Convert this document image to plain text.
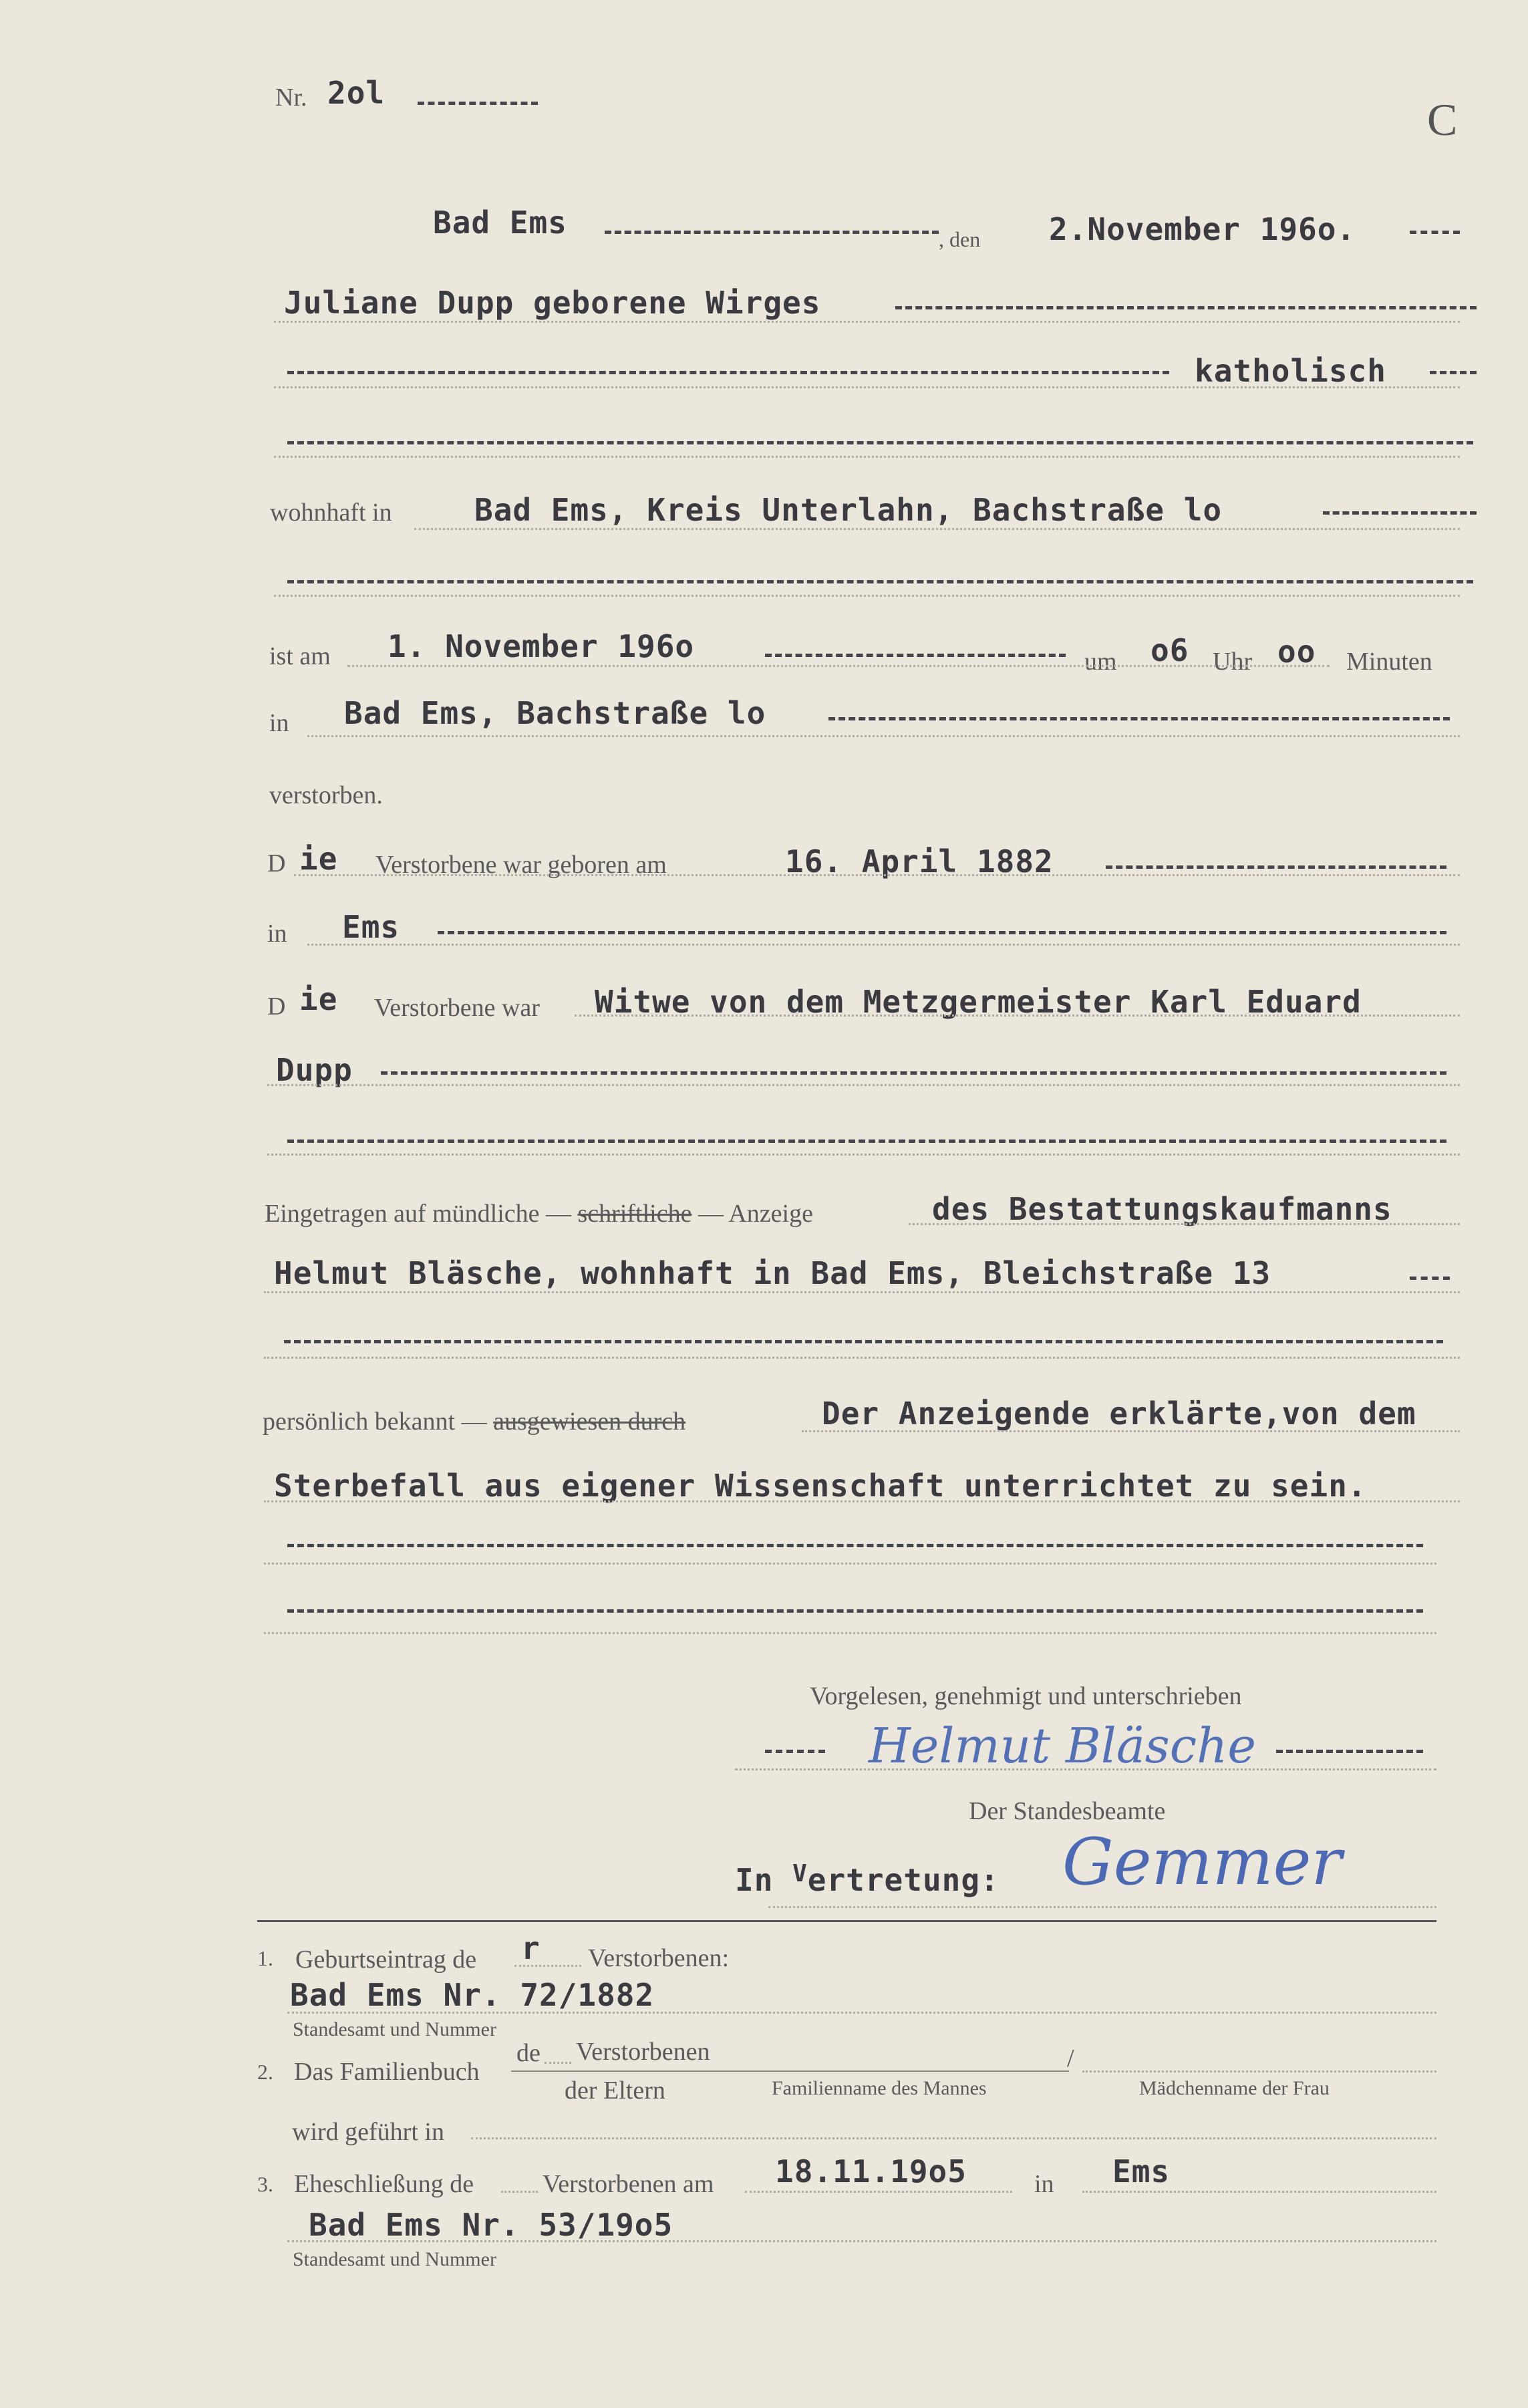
C
Nr. 2ol
Bad Ems	, den 2.November 196o.
Juliane Dupp geborene Wirges
katholisch
wohnhaft in	Bad Ems, Kreis Unterlahn, Bachstraße lo
ist am 1. November 196o	um o6 Uhr oo Minuten
in Bad Ems, Bachstraße lo
verstorben.
D ie Verstorbene war geboren am	16. April 1882
in Ems
D ie Verstorbene war Witwe von dem Metzgermeister Karl Eduard
Dupp
Eingetragen auf mündliche — schriftliche — Anzeige	des Bestattungskaufmanns
Helmut Bläsche, wohnhaft in Bad Ems, Bleichstraße 13
persönlich bekannt — ausgewiesen durch	Der Anzeigende erklärte,von dem
Sterbefall aus eigener Wissenschaft unterrichtet zu sein.
Vorgelesen, genehmigt und unterschrieben
Helmut Bläsche
Der Standesbeamte
In $^V$ertretung: Gemmer
1. Geburtseintrag de r Verstorbenen:
Bad Ems Nr. 72/1882
Standesamt und Nummer
2. Das Familienbuch
de Verstorbenen
der Eltern	Familienname des Mannes
/
Mädchenname der Frau
wird geführt in
3. Eheschließung de	Verstorbenen am 18.11.19o5	in Ems
Bad Ems Nr. 53/19o5
Standesamt und Nummer
